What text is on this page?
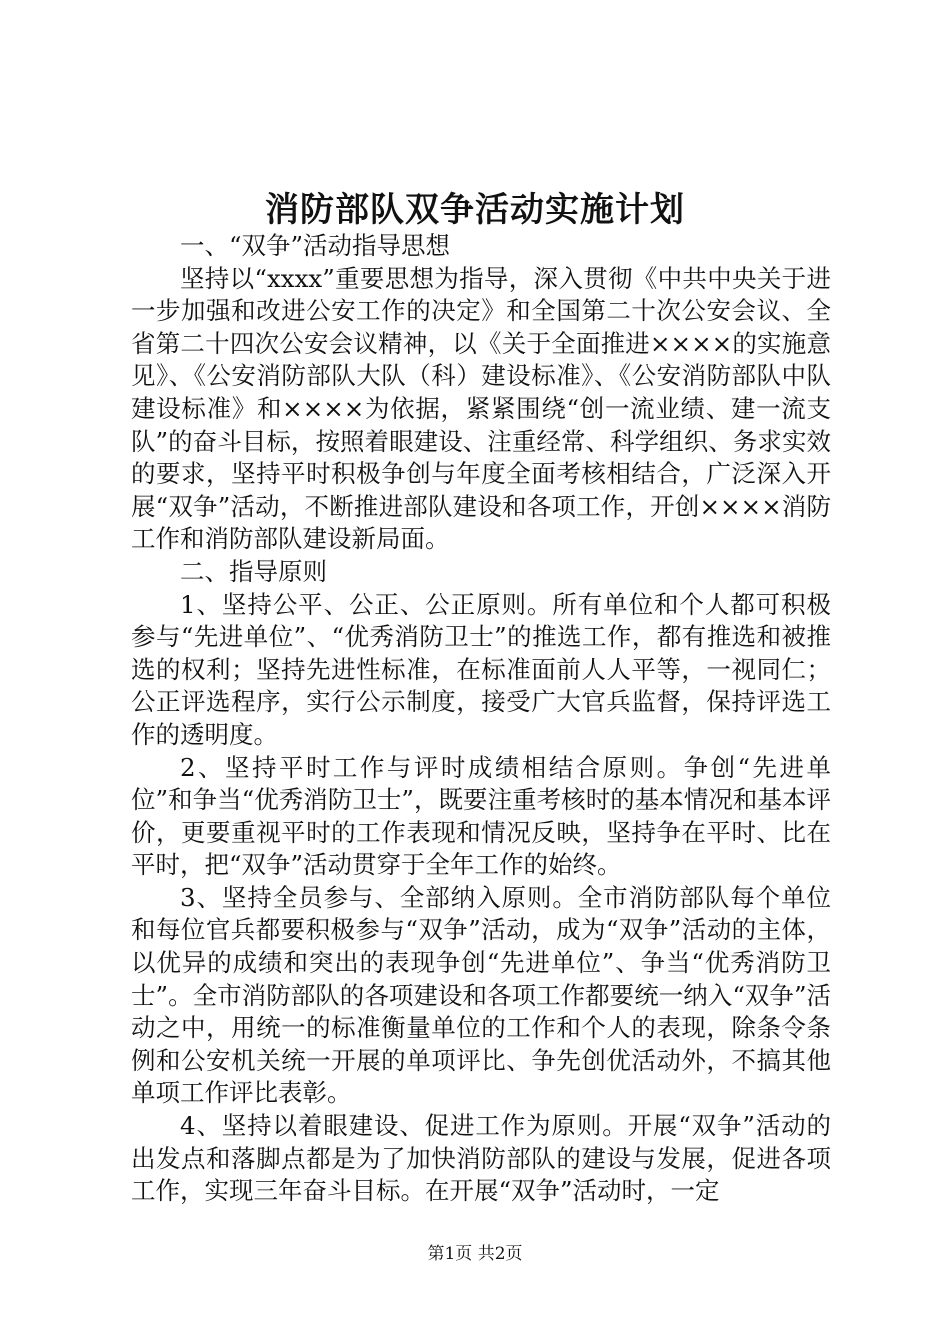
消防部队双争活动实施计划

一、“双争”活动指导思想

坚持以“xxxx”重要思想为指导，深入贯彻《中共中央关于进一步加强和改进公安工作的决定》和全国第二十次公安会议、全省第二十四次公安会议精神，以《关于全面推进××××的实施意见》、《公安消防部队大队（科）建设标准》、《公安消防部队中队建设标准》和××××为依据，紧紧围绕“创一流业绩、建一流支队”的奋斗目标，按照着眼建设、注重经常、科学组织、务求实效的要求，坚持平时积极争创与年度全面考核相结合，广泛深入开展“双争”活动，不断推进部队建设和各项工作，开创××××消防工作和消防部队建设新局面。

二、指导原则

1、坚持公平、公正、公正原则。所有单位和个人都可积极参与“先进单位”、“优秀消防卫士”的推选工作，都有推选和被推选的权利；坚持先进性标准，在标准面前人人平等，一视同仁；公正评选程序，实行公示制度，接受广大官兵监督，保持评选工作的透明度。

2、坚持平时工作与评时成绩相结合原则。争创“先进单位”和争当“优秀消防卫士”，既要注重考核时的基本情况和基本评价，更要重视平时的工作表现和情况反映，坚持争在平时、比在平时，把“双争”活动贯穿于全年工作的始终。

3、坚持全员参与、全部纳入原则。全市消防部队每个单位和每位官兵都要积极参与“双争”活动，成为“双争”活动的主体，以优异的成绩和突出的表现争创“先进单位”、争当“优秀消防卫士”。全市消防部队的各项建设和各项工作都要统一纳入“双争”活动之中，用统一的标准衡量单位的工作和个人的表现，除条令条例和公安机关统一开展的单项评比、争先创优活动外，不搞其他单项工作评比表彰。

4、坚持以着眼建设、促进工作为原则。开展“双争”活动的出发点和落脚点都是为了加快消防部队的建设与发展，促进各项工作，实现三年奋斗目标。在开展“双争”活动时，一定

第1页 共2页
